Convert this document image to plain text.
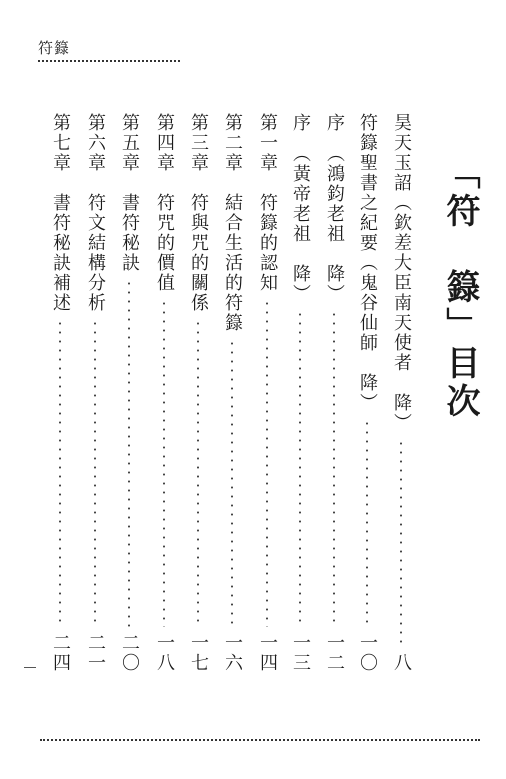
符籙
「符　籙」目次
昊天玉詔（欽差大臣南天使者　降）
八
符籙聖書之紀要（鬼谷仙師　降）
一〇
序　（鴻鈞老祖　降）
一二
序　（黃帝老祖　降）
一三
第一章　符籙的認知
一四
第二章　結合生活的符籙
一六
第三章　符與咒的關係
一七
第四章　符咒的價值
一八
第五章　書符秘訣
二〇
第六章　符文結構分析
二一
第七章　書符秘訣補述
二四
